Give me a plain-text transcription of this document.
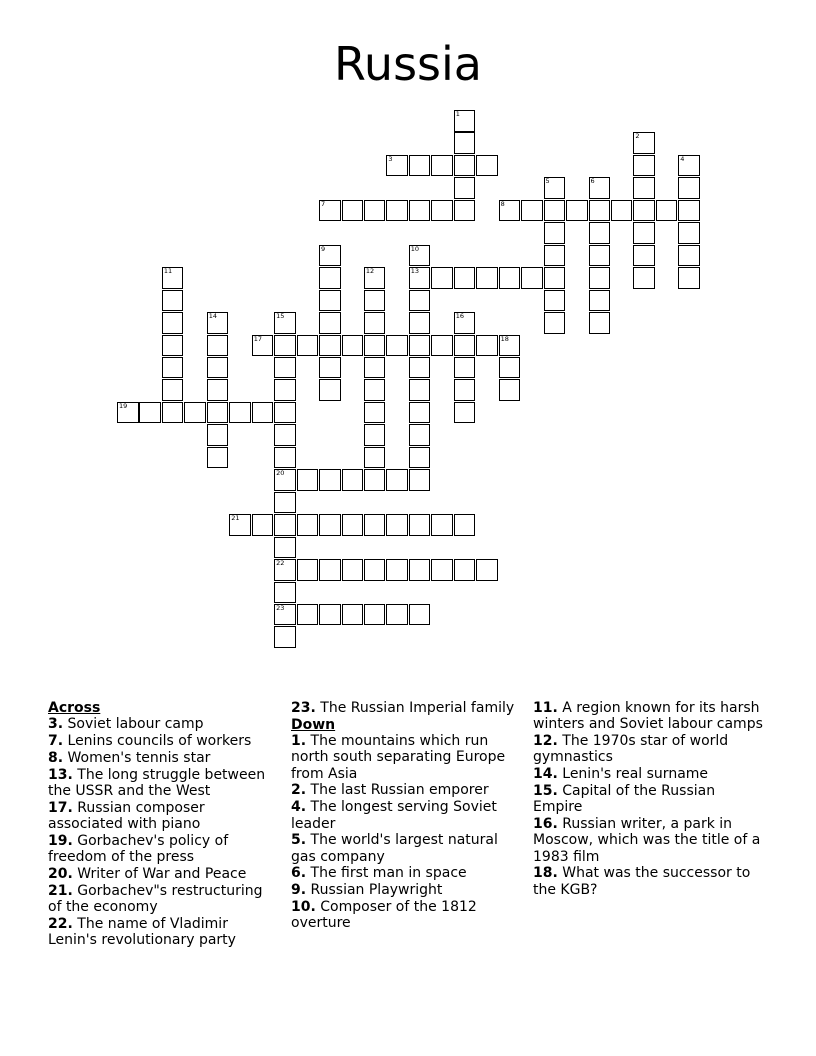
Russia
1
2
3	4
5	6
7	8
9	10
13
11	12
14	15
20
22
23
16
17	18
19
21
Across
3. Soviet labour camp
7. Lenins councils of workers
8. Women's tennis star
13. The long struggle between the USSR and the West
17. Russian composer associated with piano
19. Gorbachev's policy of freedom of the press
20. Writer of War and Peace
21. Gorbachev"s restructuring of the economy
22. The name of Vladimir Lenin's revolutionary party
23. The Russian Imperial family
Down
1. The mountains which run north south separating Europe from Asia
2. The last Russian emporer
4. The longest serving Soviet leader
5. The world's largest natural gas company
6. The first man in space
9. Russian Playwright
10. Composer of the 1812 overture
11. A region known for its harsh winters and Soviet labour camps
12. The 1970s star of world gymnastics
14. Lenin's real surname
15. Capital of the Russian Empire
16. Russian writer, a park in Moscow, which was the title of a 1983 film
18. What was the successor to the KGB?
